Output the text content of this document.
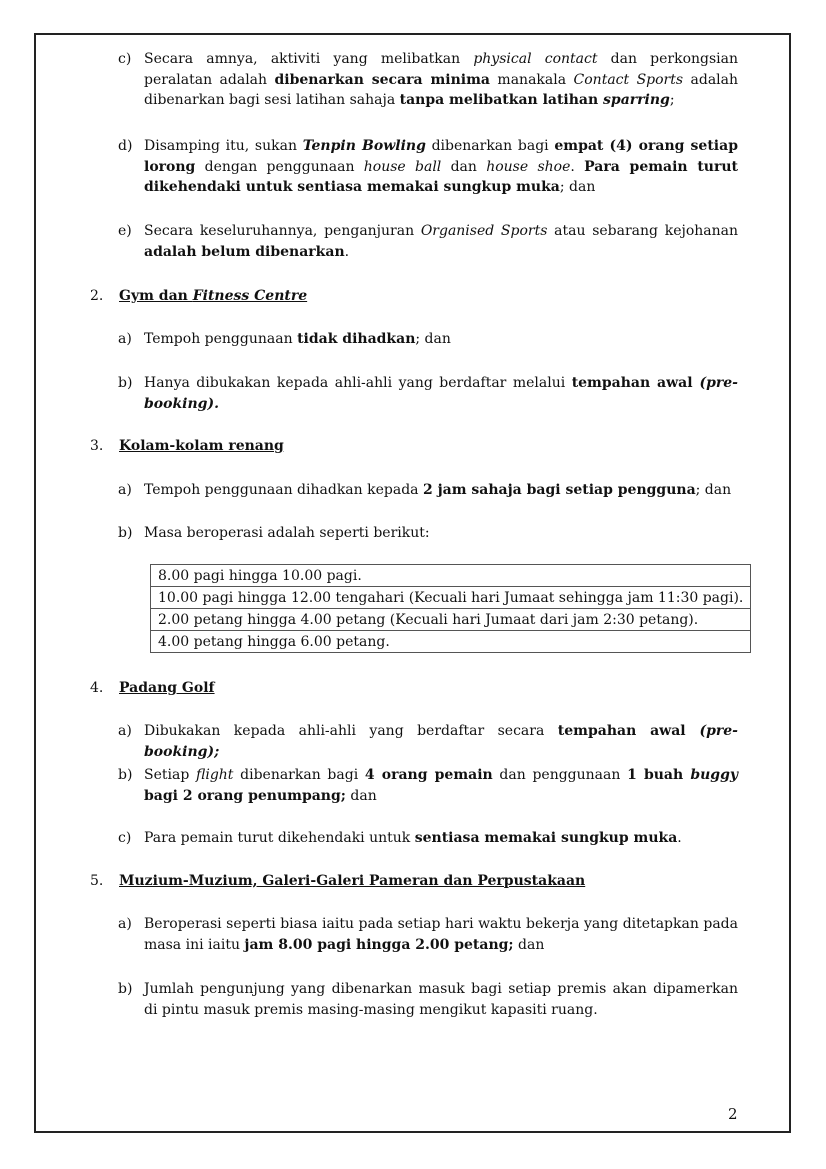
c) Secara amnya, aktiviti yang melibatkan physical contact dan perkongsian peralatan adalah dibenarkan secara minima manakala Contact Sports adalah dibenarkan bagi sesi latihan sahaja tanpa melibatkan latihan sparring;
d) Disamping itu, sukan Tenpin Bowling dibenarkan bagi empat (4) orang setiap lorong dengan penggunaan house ball dan house shoe. Para pemain turut dikehendaki untuk sentiasa memakai sungkup muka; dan
e) Secara keseluruhannya, penganjuran Organised Sports atau sebarang kejohanan adalah belum dibenarkan.
2. Gym dan Fitness Centre
a) Tempoh penggunaan tidak dihadkan; dan
b) Hanya dibukakan kepada ahli-ahli yang berdaftar melalui tempahan awal (pre-booking).
3. Kolam-kolam renang
a) Tempoh penggunaan dihadkan kepada 2 jam sahaja bagi setiap pengguna; dan
b) Masa beroperasi adalah seperti berikut:
8.00 pagi hingga 10.00 pagi.
10.00 pagi hingga 12.00 tengahari (Kecuali hari Jumaat sehingga jam 11:30 pagi).
2.00 petang hingga 4.00 petang (Kecuali hari Jumaat dari jam 2:30 petang).
4.00 petang hingga 6.00 petang.
4. Padang Golf
a) Dibukakan kepada ahli-ahli yang berdaftar secara tempahan awal (pre-booking);
b) Setiap flight dibenarkan bagi 4 orang pemain dan penggunaan 1 buah buggy bagi 2 orang penumpang; dan
c) Para pemain turut dikehendaki untuk sentiasa memakai sungkup muka.
5. Muzium-Muzium, Galeri-Galeri Pameran dan Perpustakaan
a) Beroperasi seperti biasa iaitu pada setiap hari waktu bekerja yang ditetapkan pada masa ini iaitu jam 8.00 pagi hingga 2.00 petang; dan
b) Jumlah pengunjung yang dibenarkan masuk bagi setiap premis akan dipamerkan di pintu masuk premis masing-masing mengikut kapasiti ruang.
2
